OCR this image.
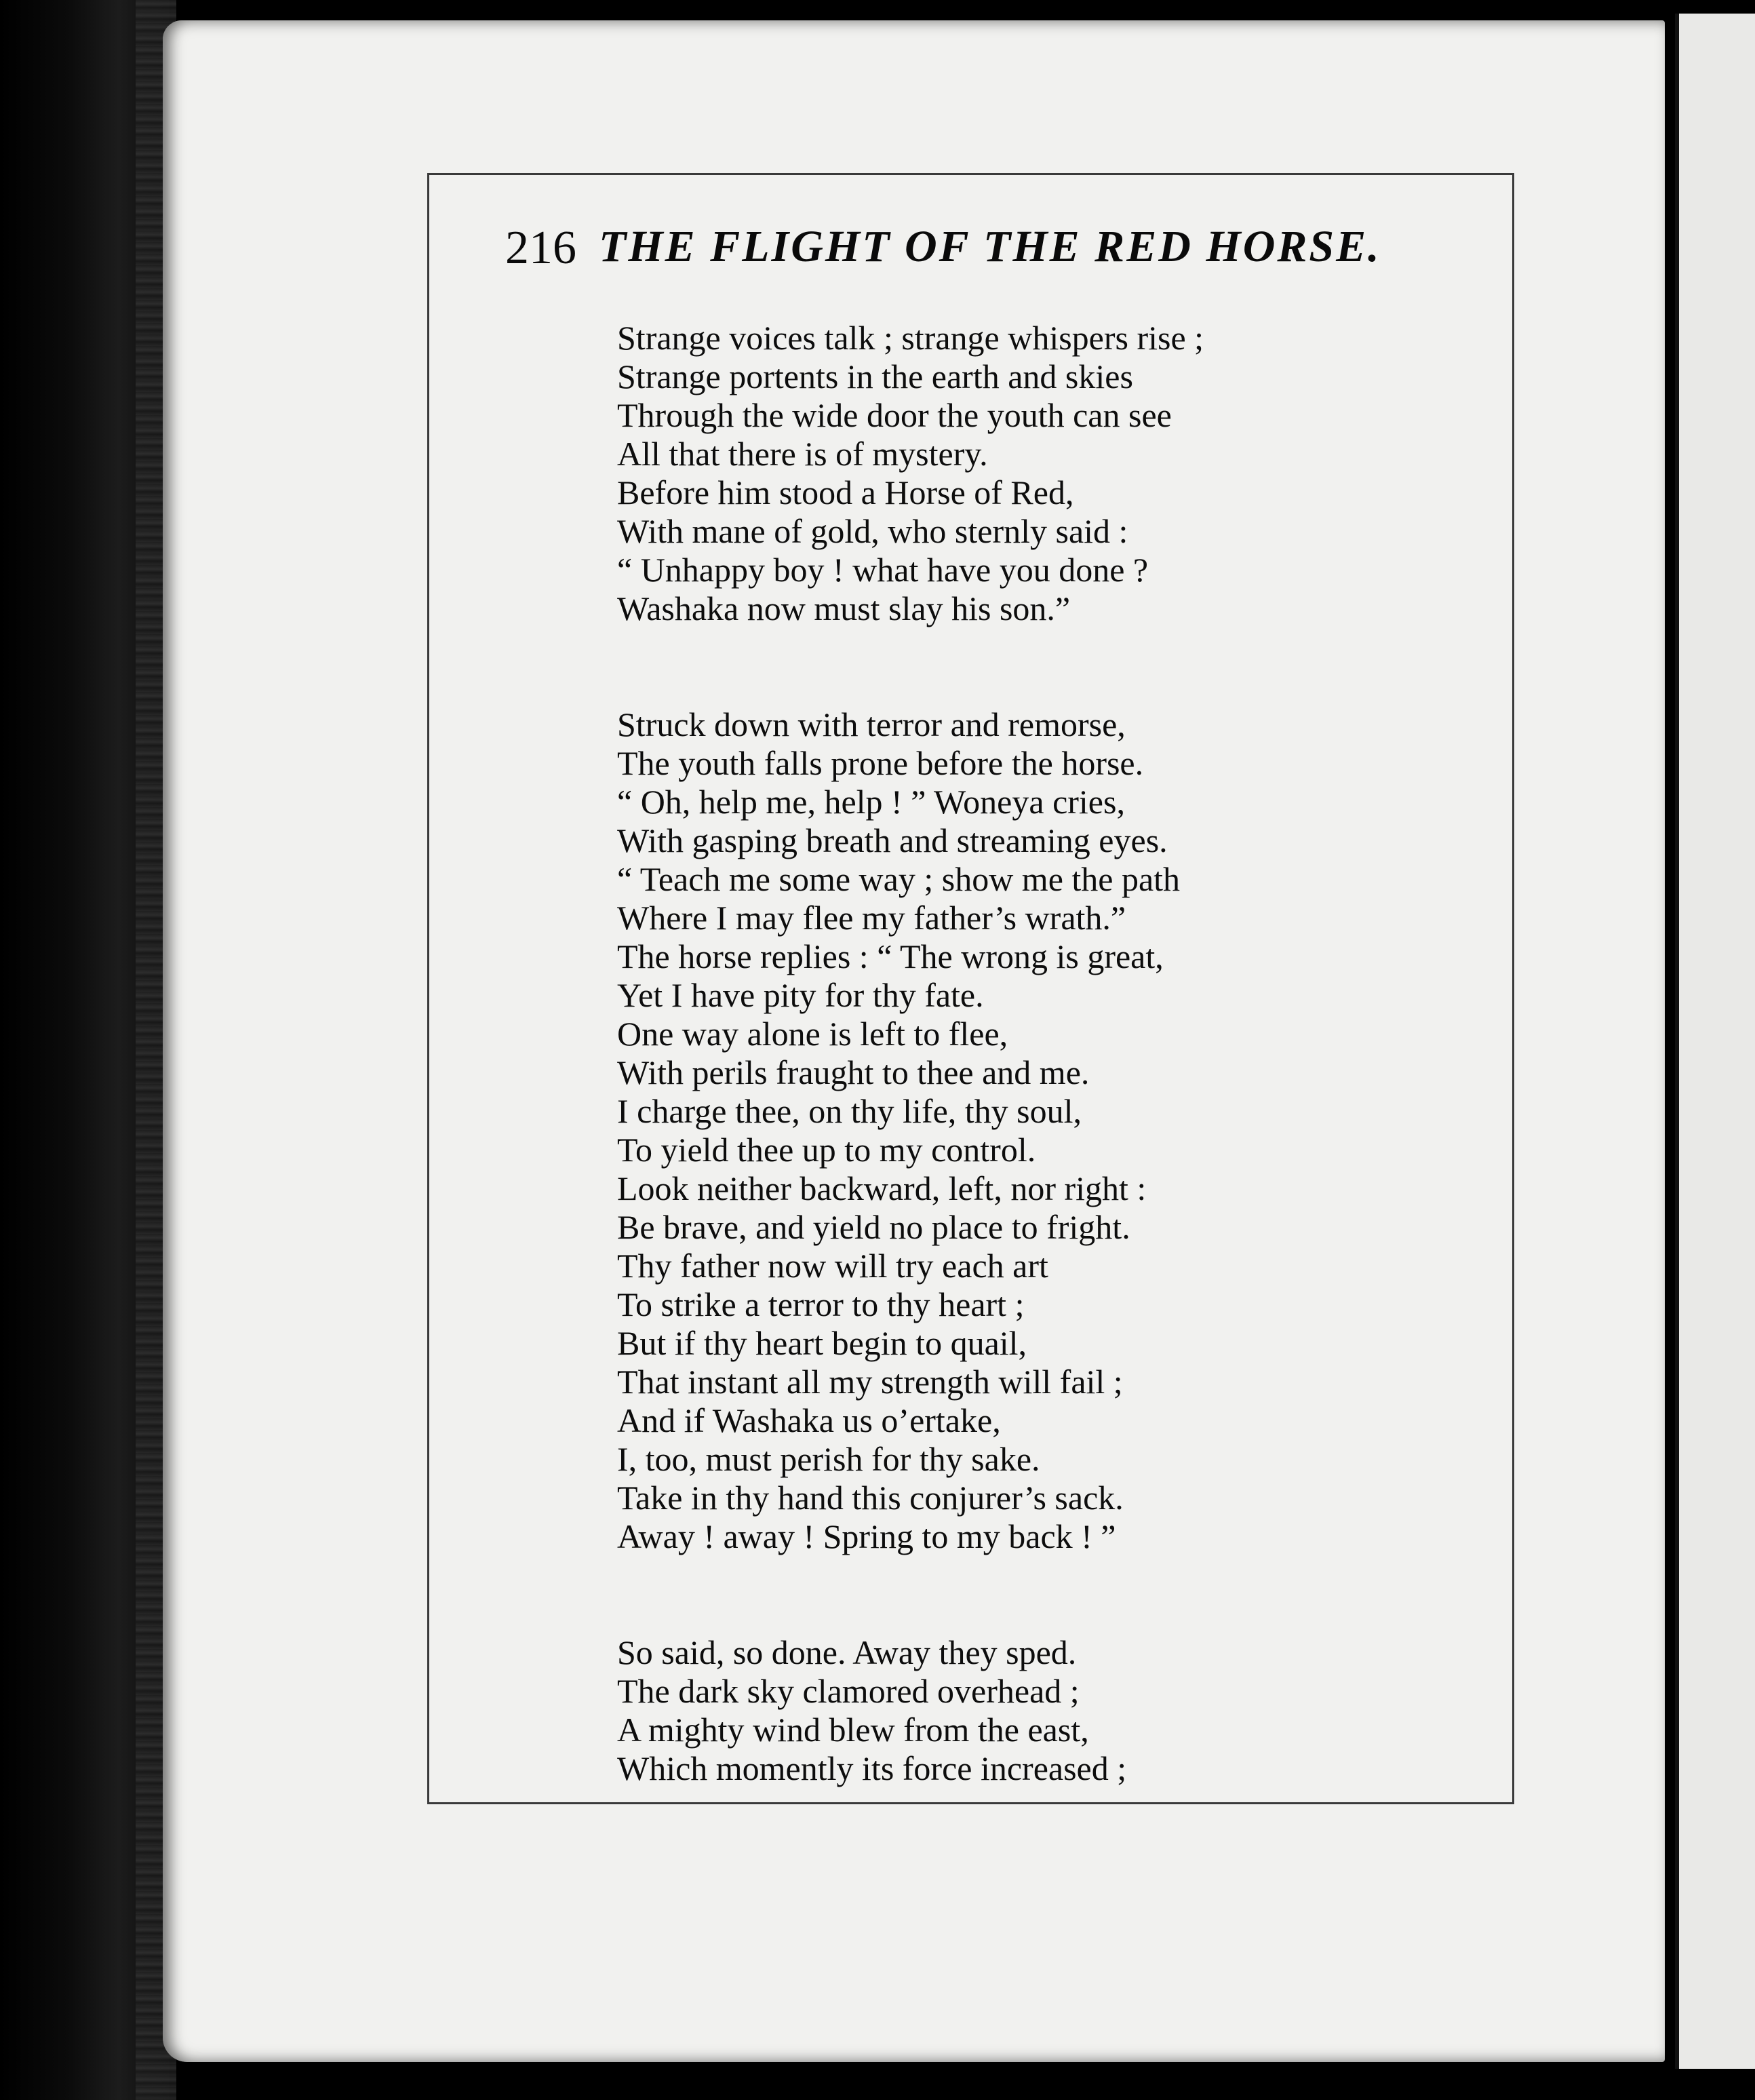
216 THE FLIGHT OF THE RED HORSE.
Strange voices talk ; strange whispers rise ;
Strange portents in the earth and skies
Through the wide door the youth can see
All that there is of mystery.
Before him stood a Horse of Red,
With mane of gold, who sternly said :
“ Unhappy boy ! what have you done ?
Washaka now must slay his son.”
Struck down with terror and remorse,
The youth falls prone before the horse.
“ Oh, help me, help ! ” Woneya cries,
With gasping breath and streaming eyes.
“ Teach me some way ; show me the path
Where I may flee my father’s wrath.”
The horse replies : “ The wrong is great,
Yet I have pity for thy fate.
One way alone is left to flee,
With perils fraught to thee and me.
I charge thee, on thy life, thy soul,
To yield thee up to my control.
Look neither backward, left, nor right :
Be brave, and yield no place to fright.
Thy father now will try each art
To strike a terror to thy heart ;
But if thy heart begin to quail,
That instant all my strength will fail ;
And if Washaka us o’ertake,
I, too, must perish for thy sake.
Take in thy hand this conjurer’s sack.
Away ! away ! Spring to my back ! ”
So said, so done. Away they sped.
The dark sky clamored overhead ;
A mighty wind blew from the east,
Which momently its force increased ;
